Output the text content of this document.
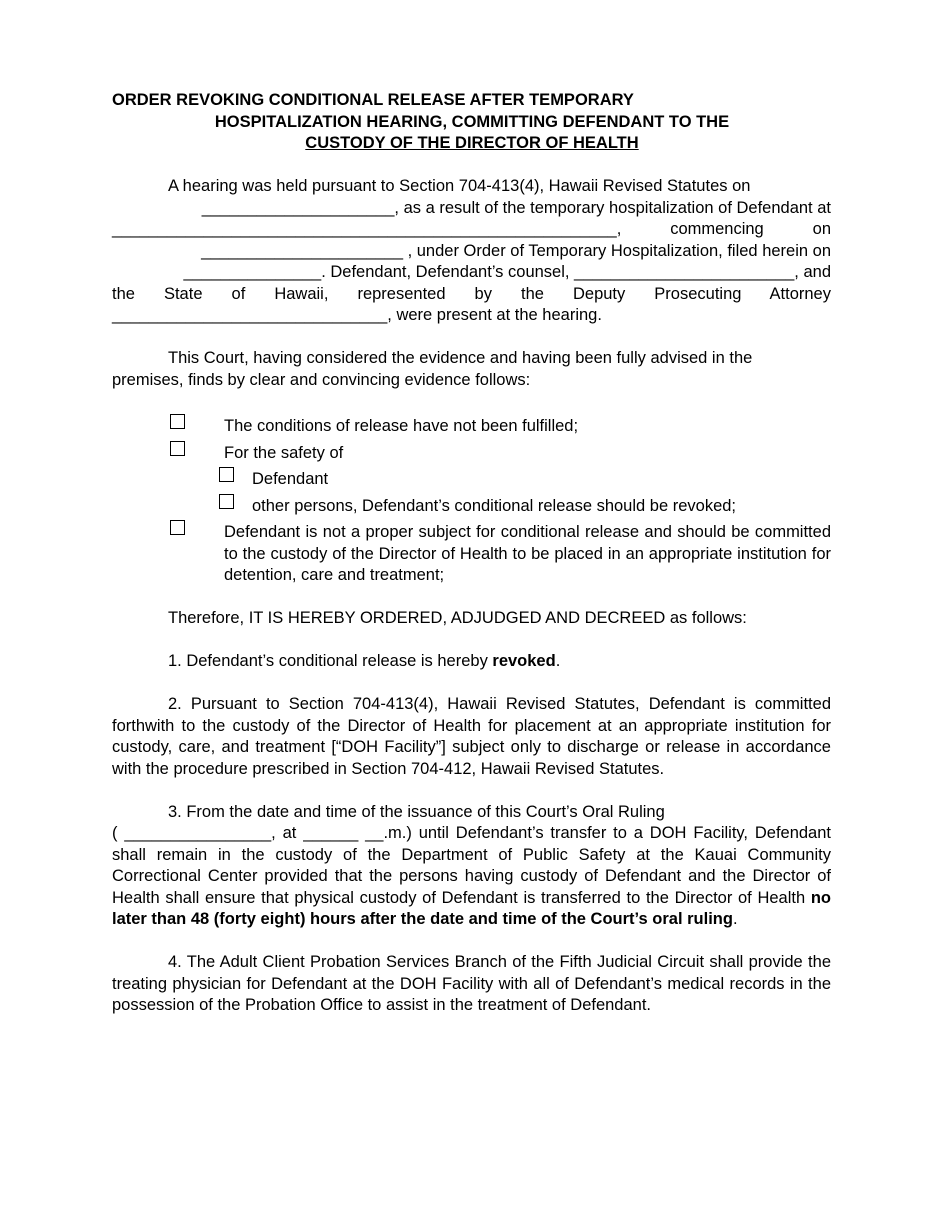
ORDER REVOKING CONDITIONAL RELEASE AFTER TEMPORARY
HOSPITALIZATION HEARING, COMMITTING DEFENDANT TO THE
CUSTODY OF THE DIRECTOR OF HEALTH
A hearing was held pursuant to Section 704-413(4), Hawaii Revised Statutes on
_____________________, as a result of the temporary hospitalization of Defendant at
_______________________________________________________, commencing on
______________________ , under Order of Temporary Hospitalization, filed herein on
_______________. Defendant, Defendant’s counsel, ________________________, and
the State of Hawaii, represented by the Deputy Prosecuting Attorney
______________________________, were present at the hearing.
This Court, having considered the evidence and having been fully advised in the
premises, finds by clear and convincing evidence follows:
The conditions of release have not been fulfilled;
For the safety of
Defendant
other persons, Defendant’s conditional release should be revoked;
Defendant is not a proper subject for conditional release and should be committed to the custody of the Director of Health to be placed in an appropriate institution for detention, care and treatment;
Therefore, IT IS HEREBY ORDERED, ADJUDGED AND DECREED as follows:
1. Defendant’s conditional release is hereby revoked.
2. Pursuant to Section 704-413(4), Hawaii Revised Statutes, Defendant is committed forthwith to the custody of the Director of Health for placement at an appropriate institution for custody, care, and treatment [“DOH Facility”] subject only to discharge or release in accordance with the procedure prescribed in Section 704-412, Hawaii Revised Statutes.
3. From the date and time of the issuance of this Court’s Oral Ruling
( ________________, at ______ __.m.) until Defendant’s transfer to a DOH Facility, Defendant shall remain in the custody of the Department of Public Safety at the Kauai Community Correctional Center provided that the persons having custody of Defendant and the Director of Health shall ensure that physical custody of Defendant is transferred to the Director of Health no later than 48 (forty eight) hours after the date and time of the Court’s oral ruling.
4. The Adult Client Probation Services Branch of the Fifth Judicial Circuit shall provide the treating physician for Defendant at the DOH Facility with all of Defendant’s medical records in the possession of the Probation Office to assist in the treatment of Defendant.
